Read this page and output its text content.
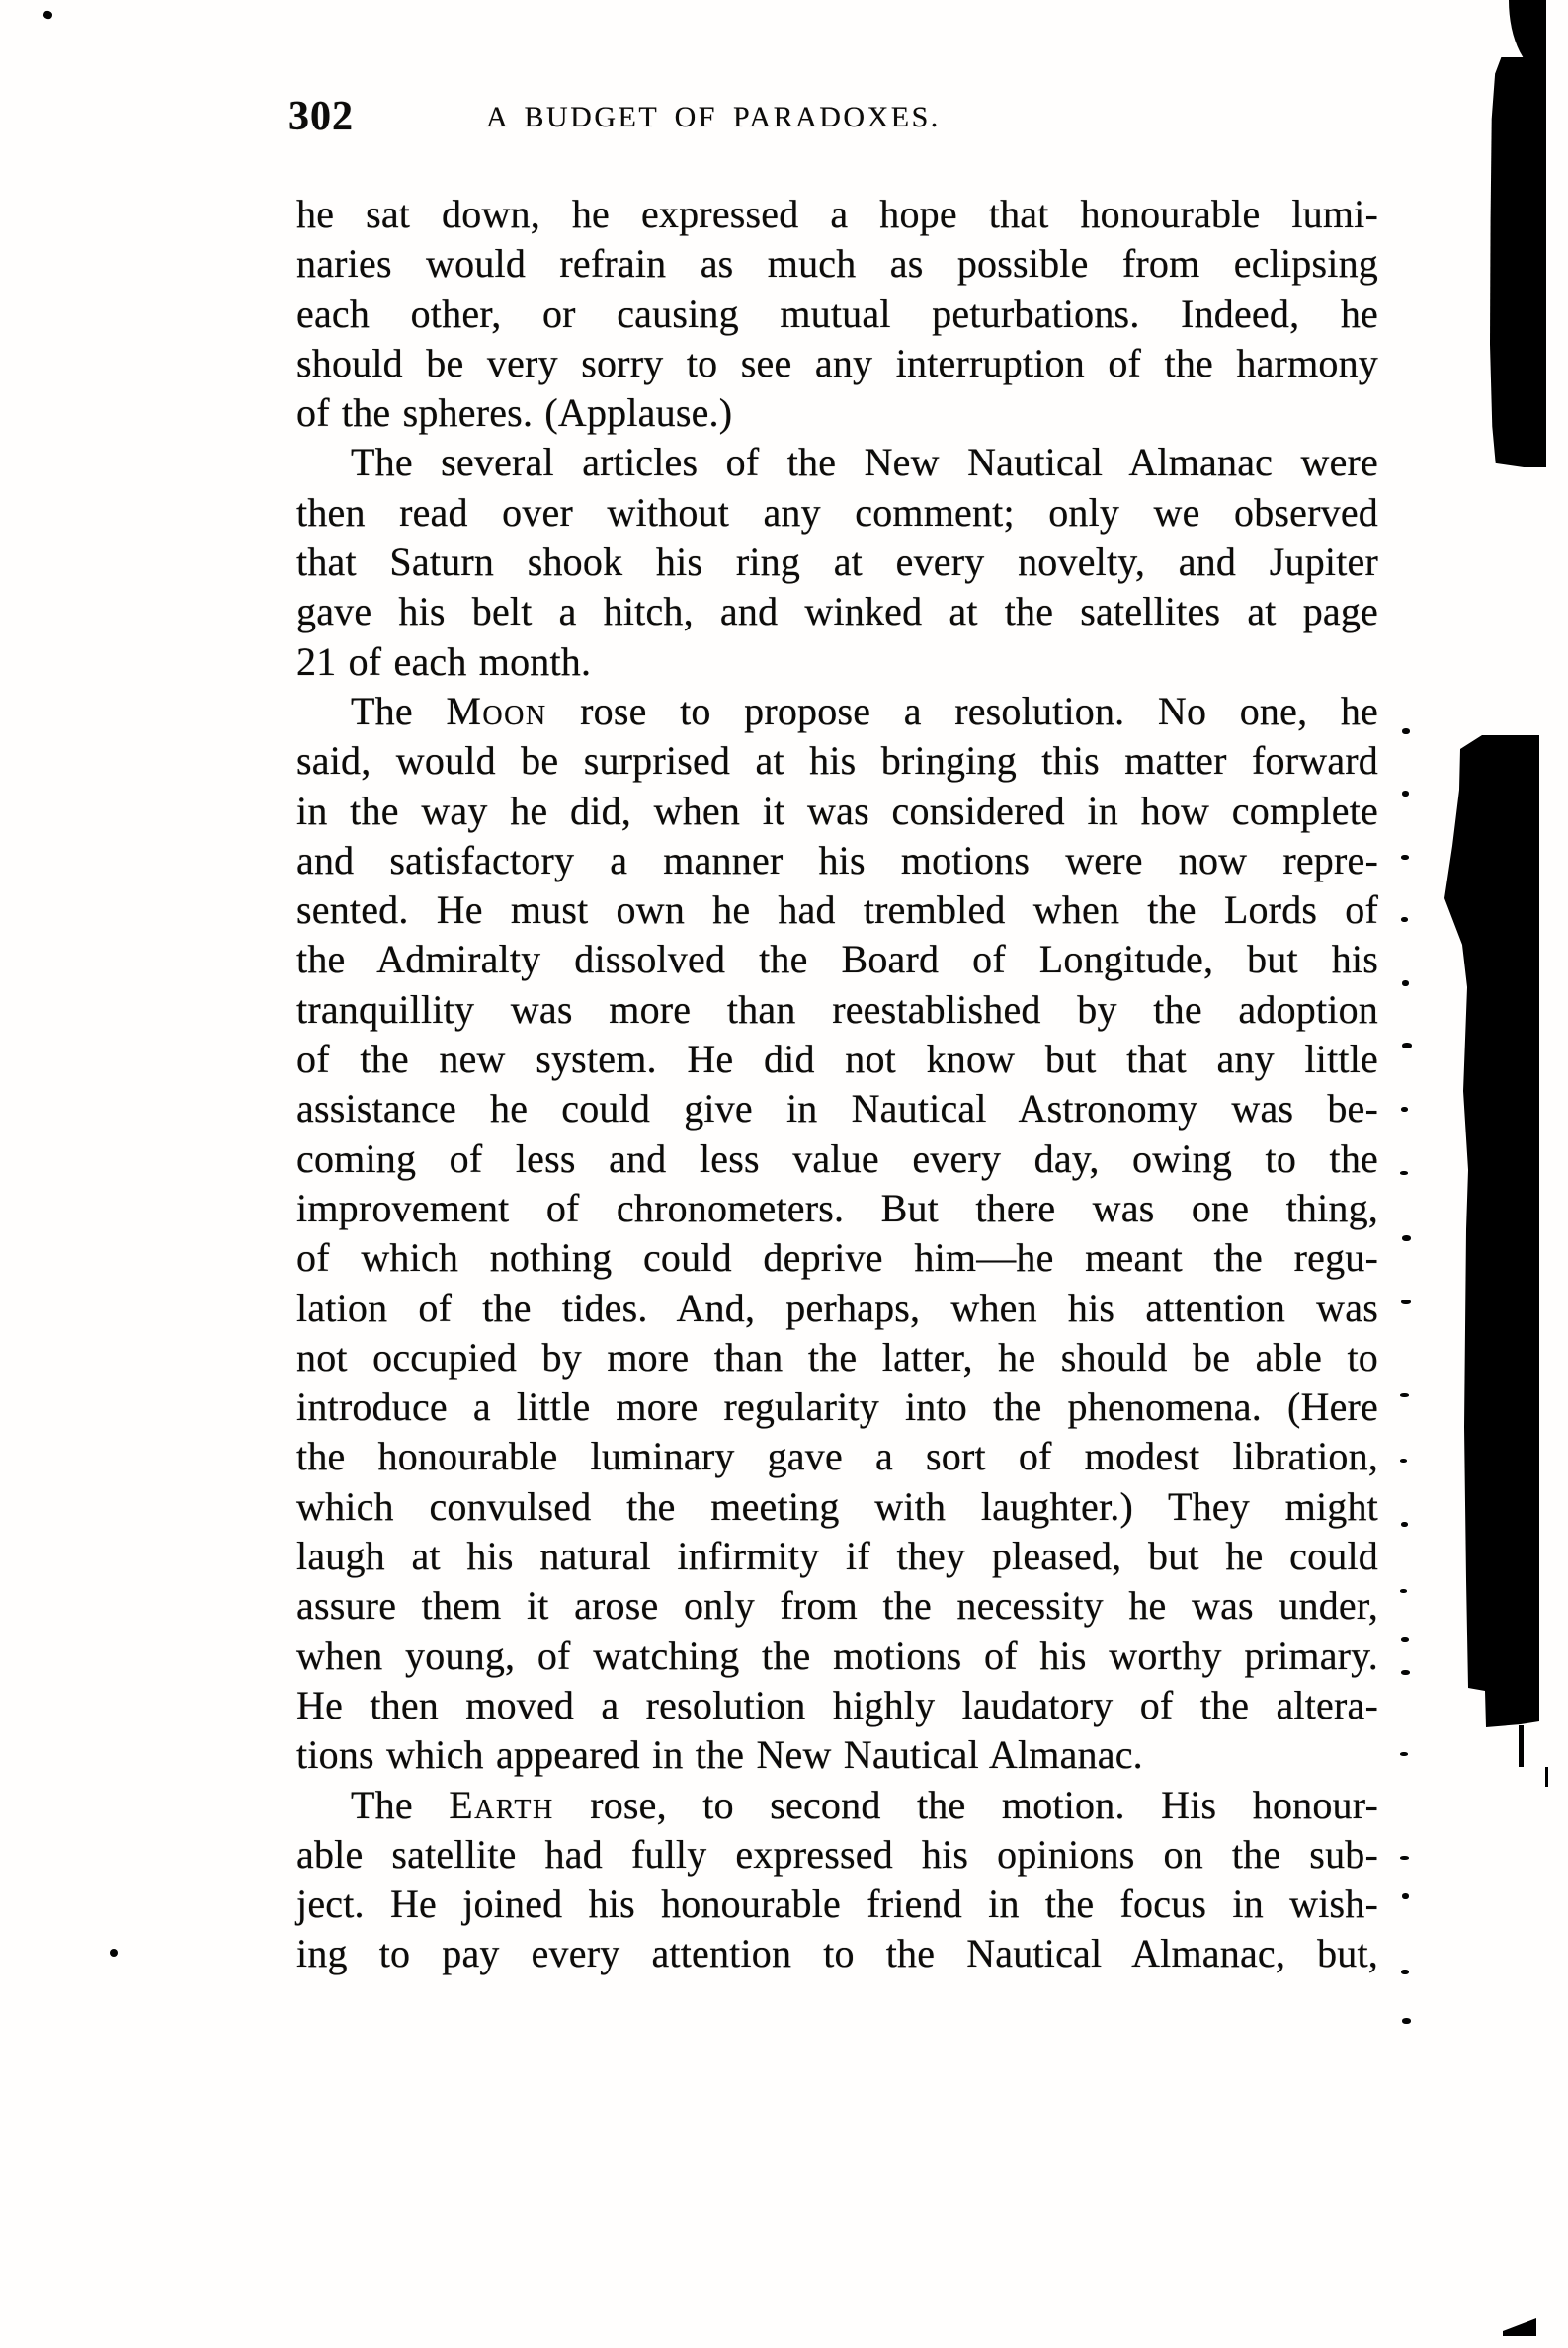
302	A BUDGET OF PARADOXES.
he sat down, he expressed a hope that honourable lumi-
naries would refrain as much as possible from eclipsing
each other, or causing mutual peturbations. Indeed, he
should be very sorry to see any interruption of the harmony
of the spheres. (Applause.)
The several articles of the New Nautical Almanac were
then read over without any comment; only we observed
that Saturn shook his ring at every novelty, and Jupiter
gave his belt a hitch, and winked at the satellites at page
21 of each month.
The Moon rose to propose a resolution. No one, he
said, would be surprised at his bringing this matter forward
in the way he did, when it was considered in how complete
and satisfactory a manner his motions were now repre-
sented. He must own he had trembled when the Lords of
the Admiralty dissolved the Board of Longitude, but his
tranquillity was more than reestablished by the adoption
of the new system. He did not know but that any little
assistance he could give in Nautical Astronomy was be-
coming of less and less value every day, owing to the
improvement of chronometers. But there was one thing,
of which nothing could deprive him—he meant the regu-
lation of the tides. And, perhaps, when his attention was
not occupied by more than the latter, he should be able to
introduce a little more regularity into the phenomena. (Here
the honourable luminary gave a sort of modest libration,
which convulsed the meeting with laughter.) They might
laugh at his natural infirmity if they pleased, but he could
assure them it arose only from the necessity he was under,
when young, of watching the motions of his worthy primary.
He then moved a resolution highly laudatory of the altera-
tions which appeared in the New Nautical Almanac.
The Earth rose, to second the motion. His honour-
able satellite had fully expressed his opinions on the sub-
ject. He joined his honourable friend in the focus in wish-
ing to pay every attention to the Nautical Almanac, but,
